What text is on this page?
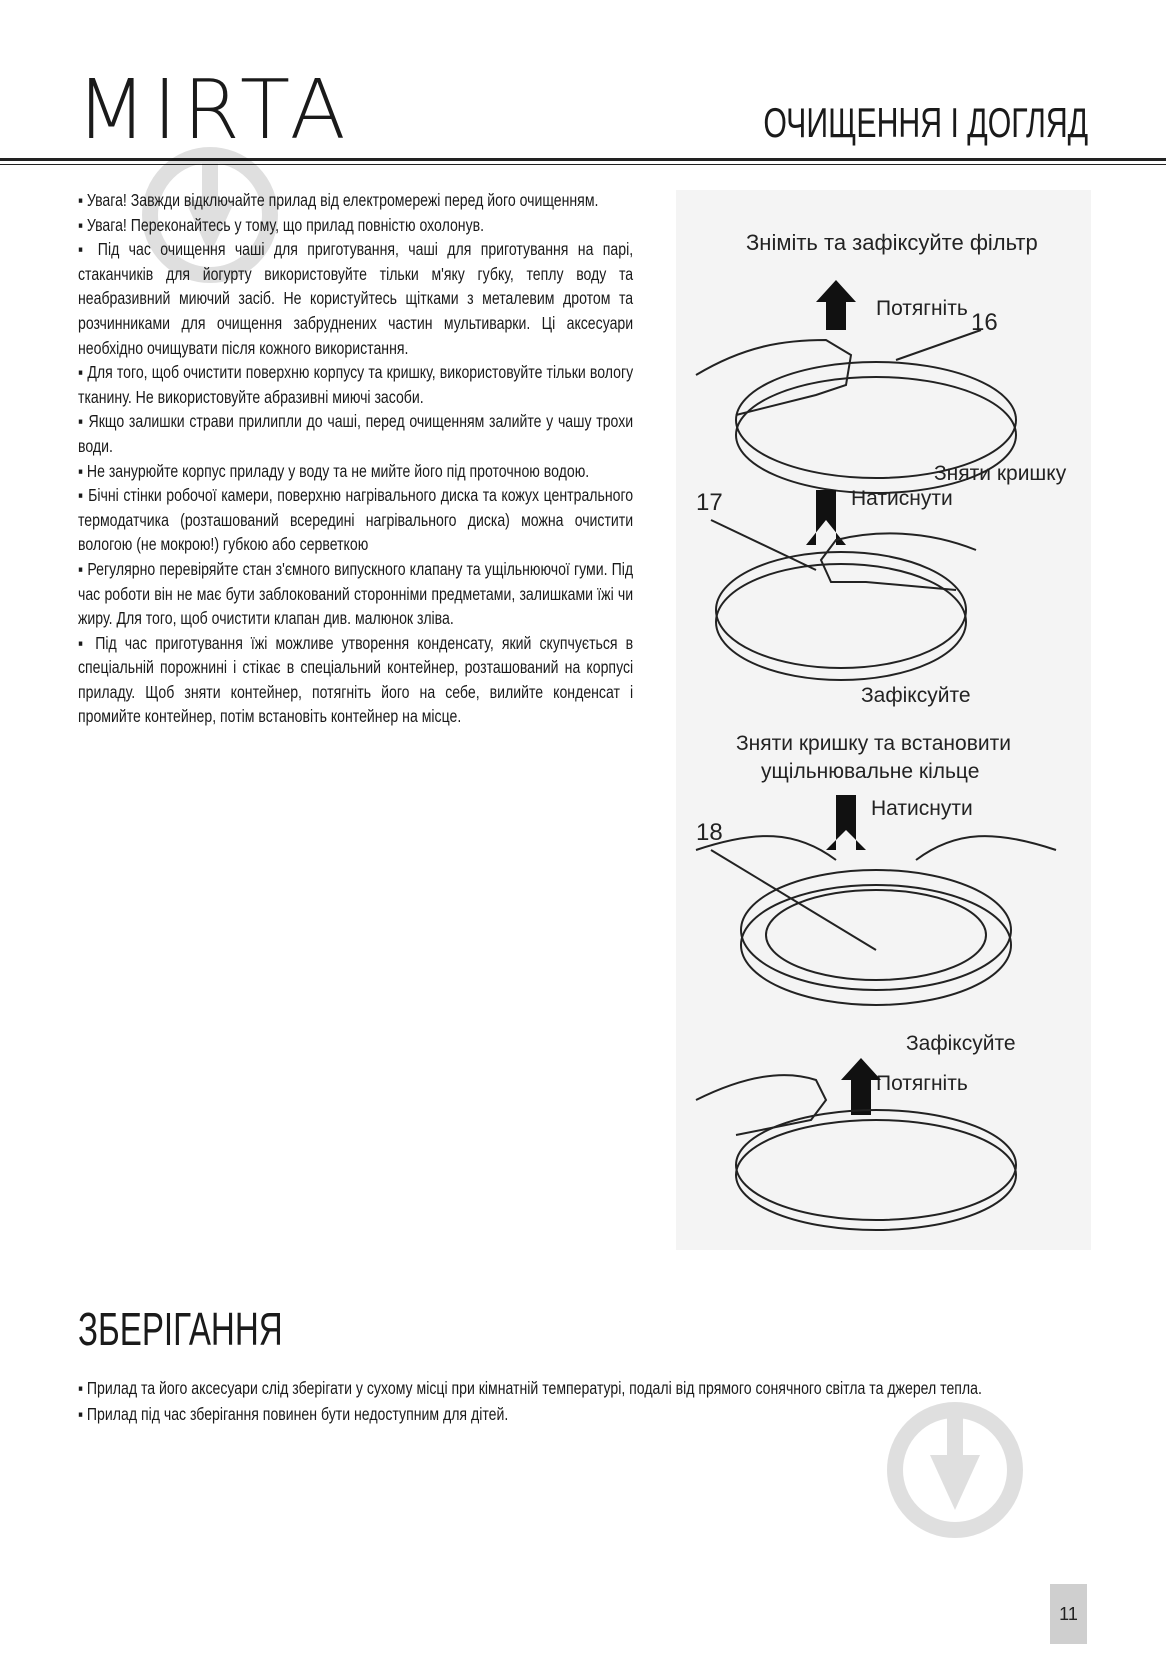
MIRTA	ОЧИЩЕННЯ І ДОГЛЯД

▪ Увага! Завжди відключайте прилад від електромережі перед його очищенням.

▪ Увага! Переконайтесь у тому, що прилад повністю охолонув.

▪ Під час очищення чаші для приготування, чаші для приготування на парі, стаканчиків для йогурту використовуйте тільки м'яку губку, теплу воду та неабразивний миючий засіб. Не користуйтесь щітками з металевим дротом та розчинниками для очищення забруднених частин мультиварки. Ці аксесуари необхідно очищувати після кожного використання.

▪ Для того, щоб очистити поверхню корпусу та кришку, використовуйте тільки вологу тканину. Не використовуйте абразивні миючі засоби.

▪ Якщо залишки страви прилипли до чаші, перед очищенням залийте у чашу трохи води.

▪ Не занурюйте корпус приладу у воду та не мийте його під проточною водою.

▪ Бічні стінки робочої камери, поверхню нагрівального диска та кожух центрального термодатчика (розташований всередині нагрівального диска) можна очистити вологою (не мокрою!) губкою або серветкою

▪ Регулярно перевіряйте стан з'ємного випускного клапану та ущільнюючої гуми. Під час роботи він не має бути заблокований сторонніми предметами, залишками їжі чи жиру. Для того, щоб очистити клапан див. малюнок зліва.

▪ Під час приготування їжі можливе утворення конденсату, який скупчується в спеціальній порожнині і стікає в спеціальний контейнер, розташований на корпусі приладу. Щоб зняти контейнер, потягніть його на себе, вилийте конденсат і промийте контейнер, потім встановіть контейнер на місце.

Зніміть та зафіксуйте фільтр
Потягніть
16
Зняти кришку
17	Натиснути
Зафіксуйте
Зняти кришку та встановити
ущільнювальне кільце
Натиснути
18
Зафіксуйте
Потягніть
ЗБЕРІГАННЯ

▪ Прилад та його аксесуари слід зберігати у сухому місці при кімнатній температурі, подалі від прямого сонячного світла та джерел тепла.

▪ Прилад під час зберігання повинен бути недоступним для дітей.

11
